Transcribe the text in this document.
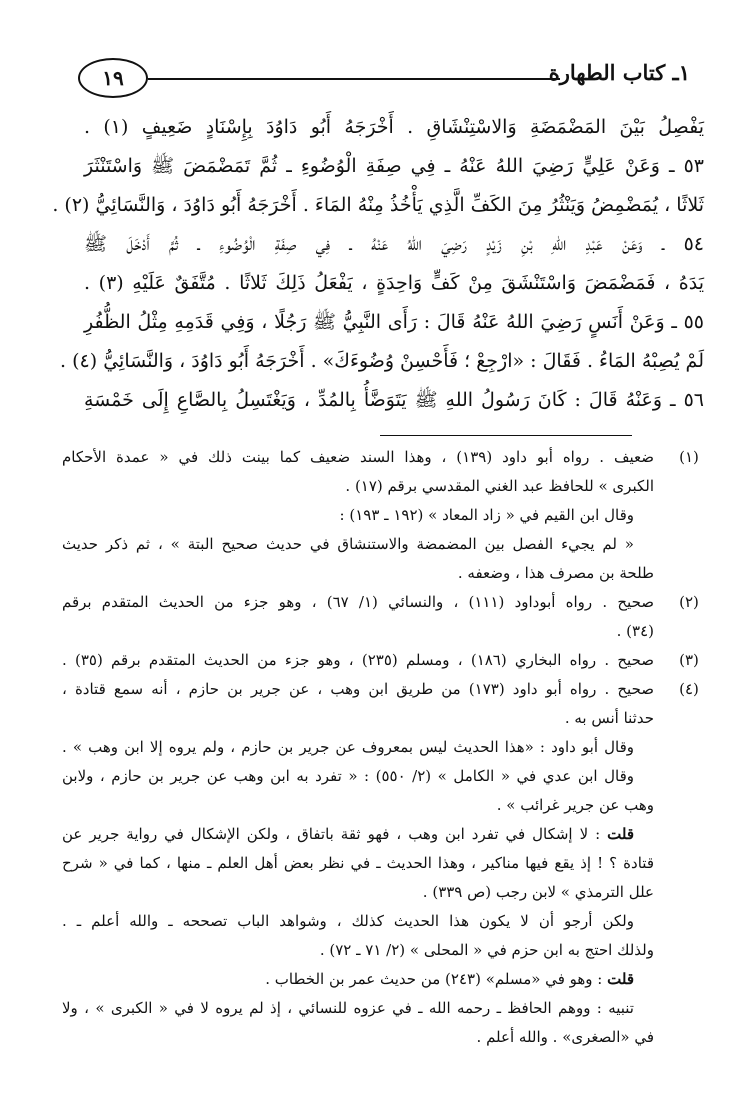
١٩	١ـ كتاب الطهارة
يَفْصِلُ بَيْنَ المَضْمَضَةِ وَالاسْتِنْشَاقِ . أَخْرَجَهُ أَبُو دَاوُدَ بِإِسْنَادٍ ضَعِيفٍ (١) .
٥٣ ـ وَعَنْ عَلِيٍّ رَضِيَ اللهُ عَنْهُ ـ فِي صِفَةِ الْوُضُوءِ ـ ثُمَّ تَمَضْمَضَ ﷺ وَاسْتَنْثَرَ
ثَلاثًا ، يُمَضْمِضُ وَيَنْثُرُ مِنَ الكَفِّ الَّذِي يَأْخُذُ مِنْهُ المَاءَ . أَخْرَجَهُ أَبُو دَاوُدَ ، وَالنَّسَائِيُّ (٢) .
٥٤ ـ وَعَنْ عَبْدِ اللهِ بْنِ زَيْدٍ رَضِيَ اللهُ عَنْهُ ـ فِي صِفَةِ الْوُضُوءِ ـ ثُمَّ أَدْخَلَ ﷺ
يَدَهُ ، فَمَضْمَضَ وَاسْتَنْشَقَ مِنْ كَفٍّ وَاحِدَةٍ ، يَفْعَلُ ذَلِكَ ثَلاثًا . مُتَّفَقٌ عَلَيْهِ (٣) .
٥٥ ـ وَعَنْ أَنَسٍ رَضِيَ اللهُ عَنْهُ قَالَ : رَأَى النَّبِيُّ ﷺ رَجُلًا ، وَفِي قَدَمِهِ مِثْلُ الظُّفُرِ
لَمْ يُصِبْهُ المَاءُ . فَقَالَ : «ارْجِعْ ؛ فَأَحْسِنْ وُضُوءَكَ» . أَخْرَجَهُ أَبُو دَاوُدَ ، وَالنَّسَائِيُّ (٤) .
٥٦ ـ وَعَنْهُ قَالَ : كَانَ رَسُولُ اللهِ ﷺ يَتَوَضَّأُ بِالمُدِّ ، وَيَغْتَسِلُ بِالصَّاعِ إِلَى خَمْسَةِ
(١)
ضعيف . رواه أبو داود (١٣٩) ، وهذا السند ضعيف كما بينت ذلك في « عمدة الأحكام
الكبرى » للحافظ عبد الغني المقدسي برقم (١٧) .
وقال ابن القيم في « زاد المعاد » (١٩٢ ـ ١٩٣) :
« لم يجيء الفصل بين المضمضة والاستنشاق في حديث صحيح البتة » ، ثم ذكر حديث
طلحة بن مصرف هذا ، وضعفه .
(٢)
صحيح . رواه أبوداود (١١١) ، والنسائي (١/ ٦٧) ، وهو جزء من الحديث المتقدم برقم
(٣٤) .
(٣)
صحيح . رواه البخاري (١٨٦) ، ومسلم (٢٣٥) ، وهو جزء من الحديث المتقدم برقم (٣٥) .
(٤)
صحيح . رواه أبو داود (١٧٣) من طريق ابن وهب ، عن جرير بن حازم ، أنه سمع قتادة ،
حدثنا أنس به .
وقال أبو داود : «هذا الحديث ليس بمعروف عن جرير بن حازم ، ولم يروه إلا ابن وهب » .
وقال ابن عدي في « الكامل » (٢/ ٥٥٠) : « تفرد به ابن وهب عن جرير بن حازم ، ولابن
وهب عن جرير غرائب » .
قلت : لا إشكال في تفرد ابن وهب ، فهو ثقة باتفاق ، ولكن الإشكال في رواية جرير عن
قتادة ؟ ! إذ يقع فيها مناكير ، وهذا الحديث ـ في نظر بعض أهل العلم ـ منها ، كما في « شرح
علل الترمذي » لابن رجب (ص ٣٣٩) .
ولكن أرجو أن لا يكون هذا الحديث كذلك ، وشواهد الباب تصححه ـ والله أعلم ـ .
ولذلك احتج به ابن حزم في « المحلى » (٢/ ٧١ ـ ٧٢) .
قلت : وهو في «مسلم» (٢٤٣) من حديث عمر بن الخطاب .
تنبيه : ووهم الحافظ ـ رحمه الله ـ في عزوه للنسائي ، إذ لم يروه لا في « الكبرى » ، ولا
في «الصغرى» . والله أعلم .
